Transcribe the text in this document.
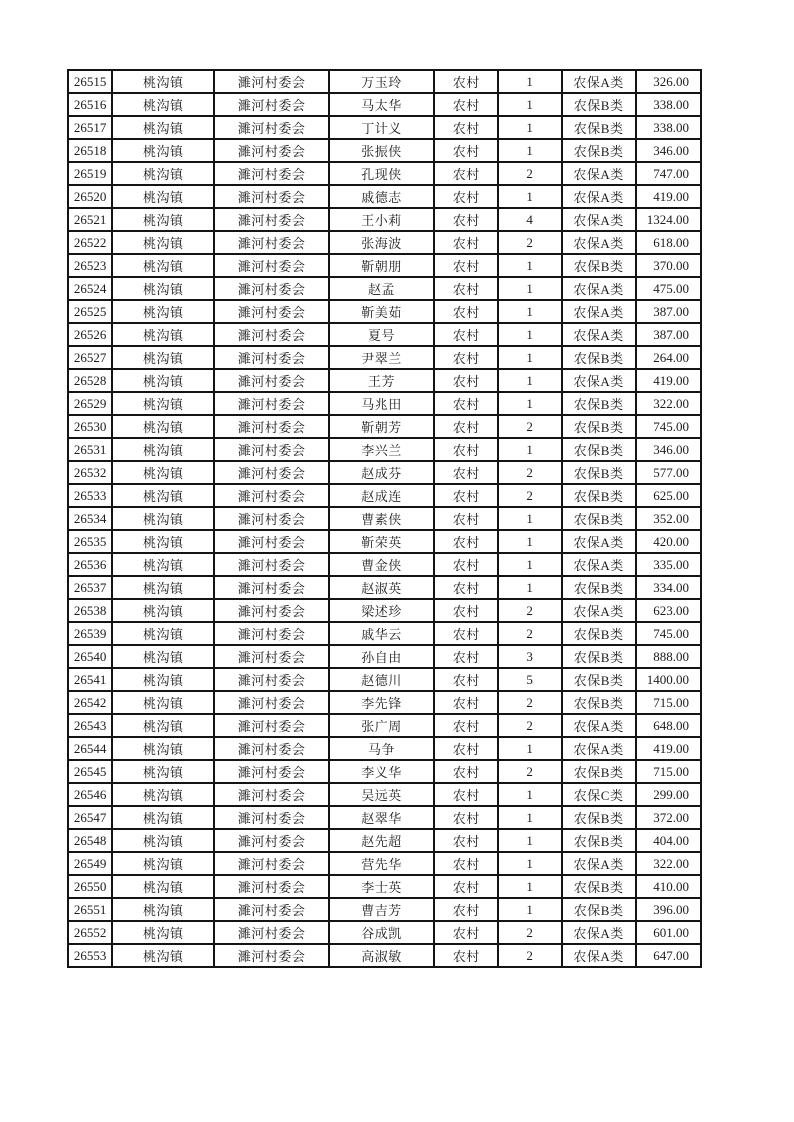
26515	桃沟镇	濉河村委会	万玉玲	农村	1	农保A类	326.00
26516	桃沟镇	濉河村委会	马太华	农村	1	农保B类	338.00
26517	桃沟镇	濉河村委会	丁计义	农村	1	农保B类	338.00
26518	桃沟镇	濉河村委会	张振侠	农村	1	农保B类	346.00
26519	桃沟镇	濉河村委会	孔现侠	农村	2	农保A类	747.00
26520	桃沟镇	濉河村委会	戚德志	农村	1	农保A类	419.00
26521	桃沟镇	濉河村委会	王小莉	农村	4	农保A类	1324.00
26522	桃沟镇	濉河村委会	张海波	农村	2	农保A类	618.00
26523	桃沟镇	濉河村委会	靳朝朋	农村	1	农保B类	370.00
26524	桃沟镇	濉河村委会	赵孟	农村	1	农保A类	475.00
26525	桃沟镇	濉河村委会	靳美茹	农村	1	农保A类	387.00
26526	桃沟镇	濉河村委会	夏号	农村	1	农保A类	387.00
26527	桃沟镇	濉河村委会	尹翠兰	农村	1	农保B类	264.00
26528	桃沟镇	濉河村委会	王芳	农村	1	农保A类	419.00
26529	桃沟镇	濉河村委会	马兆田	农村	1	农保B类	322.00
26530	桃沟镇	濉河村委会	靳朝芳	农村	2	农保B类	745.00
26531	桃沟镇	濉河村委会	李兴兰	农村	1	农保B类	346.00
26532	桃沟镇	濉河村委会	赵成芬	农村	2	农保B类	577.00
26533	桃沟镇	濉河村委会	赵成连	农村	2	农保B类	625.00
26534	桃沟镇	濉河村委会	曹素侠	农村	1	农保B类	352.00
26535	桃沟镇	濉河村委会	靳荣英	农村	1	农保A类	420.00
26536	桃沟镇	濉河村委会	曹金侠	农村	1	农保A类	335.00
26537	桃沟镇	濉河村委会	赵淑英	农村	1	农保B类	334.00
26538	桃沟镇	濉河村委会	梁述珍	农村	2	农保A类	623.00
26539	桃沟镇	濉河村委会	戚华云	农村	2	农保B类	745.00
26540	桃沟镇	濉河村委会	孙自由	农村	3	农保B类	888.00
26541	桃沟镇	濉河村委会	赵德川	农村	5	农保B类	1400.00
26542	桃沟镇	濉河村委会	李先锋	农村	2	农保B类	715.00
26543	桃沟镇	濉河村委会	张广周	农村	2	农保A类	648.00
26544	桃沟镇	濉河村委会	马争	农村	1	农保A类	419.00
26545	桃沟镇	濉河村委会	李义华	农村	2	农保B类	715.00
26546	桃沟镇	濉河村委会	吴远英	农村	1	农保C类	299.00
26547	桃沟镇	濉河村委会	赵翠华	农村	1	农保B类	372.00
26548	桃沟镇	濉河村委会	赵先超	农村	1	农保B类	404.00
26549	桃沟镇	濉河村委会	营先华	农村	1	农保A类	322.00
26550	桃沟镇	濉河村委会	李士英	农村	1	农保B类	410.00
26551	桃沟镇	濉河村委会	曹吉芳	农村	1	农保B类	396.00
26552	桃沟镇	濉河村委会	谷成凯	农村	2	农保A类	601.00
26553	桃沟镇	濉河村委会	高淑敏	农村	2	农保A类	647.00
